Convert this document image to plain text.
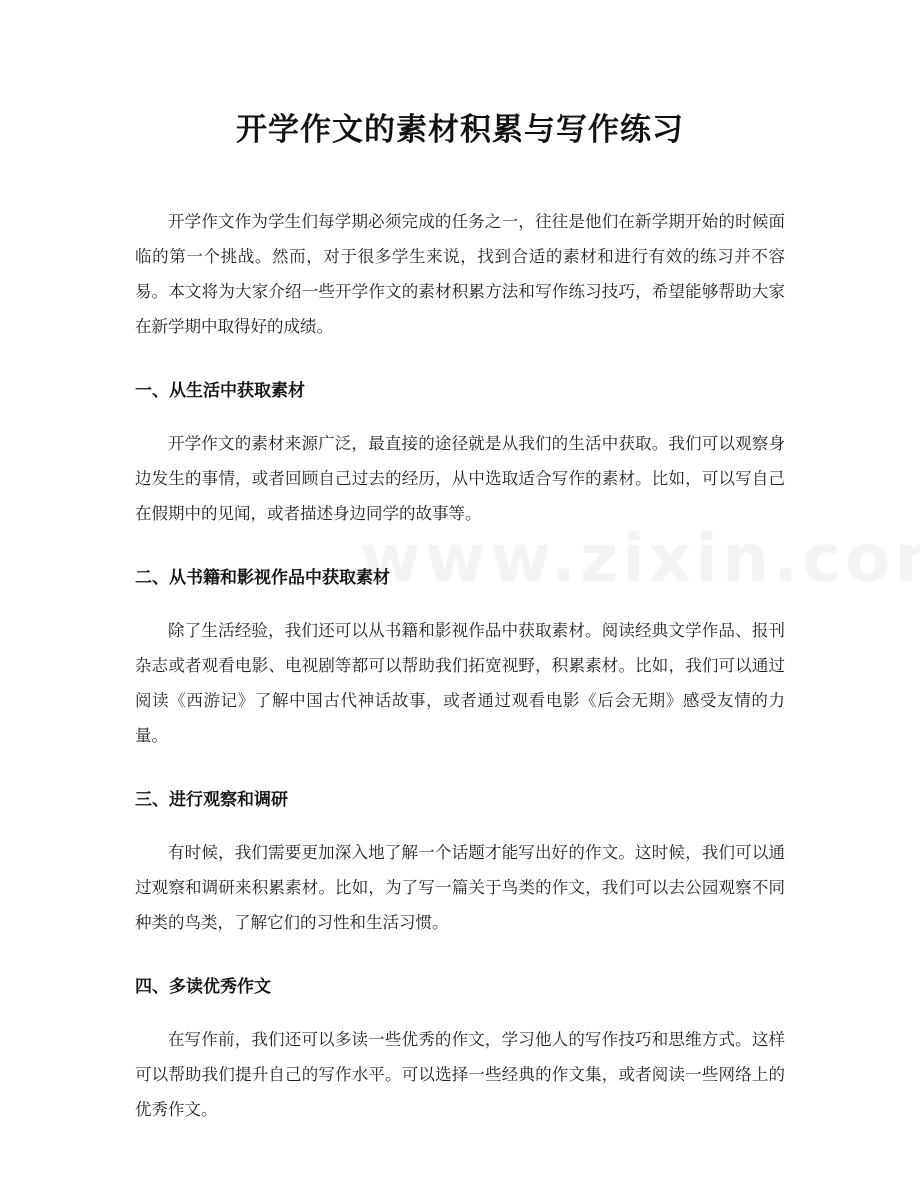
开学作文的素材积累与写作练习

开学作文作为学生们每学期必须完成的任务之一，往往是他们在新学期开始的时候面临的第一个挑战。然而，对于很多学生来说，找到合适的素材和进行有效的练习并不容易。本文将为大家介绍一些开学作文的素材积累方法和写作练习技巧，希望能够帮助大家在新学期中取得好的成绩。

一、从生活中获取素材

开学作文的素材来源广泛，最直接的途径就是从我们的生活中获取。我们可以观察身边发生的事情，或者回顾自己过去的经历，从中选取适合写作的素材。比如，可以写自己在假期中的见闻，或者描述身边同学的故事等。

二、从书籍和影视作品中获取素材

除了生活经验，我们还可以从书籍和影视作品中获取素材。阅读经典文学作品、报刊杂志或者观看电影、电视剧等都可以帮助我们拓宽视野，积累素材。比如，我们可以通过阅读《西游记》了解中国古代神话故事，或者通过观看电影《后会无期》感受友情的力量。

三、进行观察和调研

有时候，我们需要更加深入地了解一个话题才能写出好的作文。这时候，我们可以通过观察和调研来积累素材。比如，为了写一篇关于鸟类的作文，我们可以去公园观察不同种类的鸟类，了解它们的习性和生活习惯。

四、多读优秀作文

在写作前，我们还可以多读一些优秀的作文，学习他人的写作技巧和思维方式。这样可以帮助我们提升自己的写作水平。可以选择一些经典的作文集，或者阅读一些网络上的优秀作文。
